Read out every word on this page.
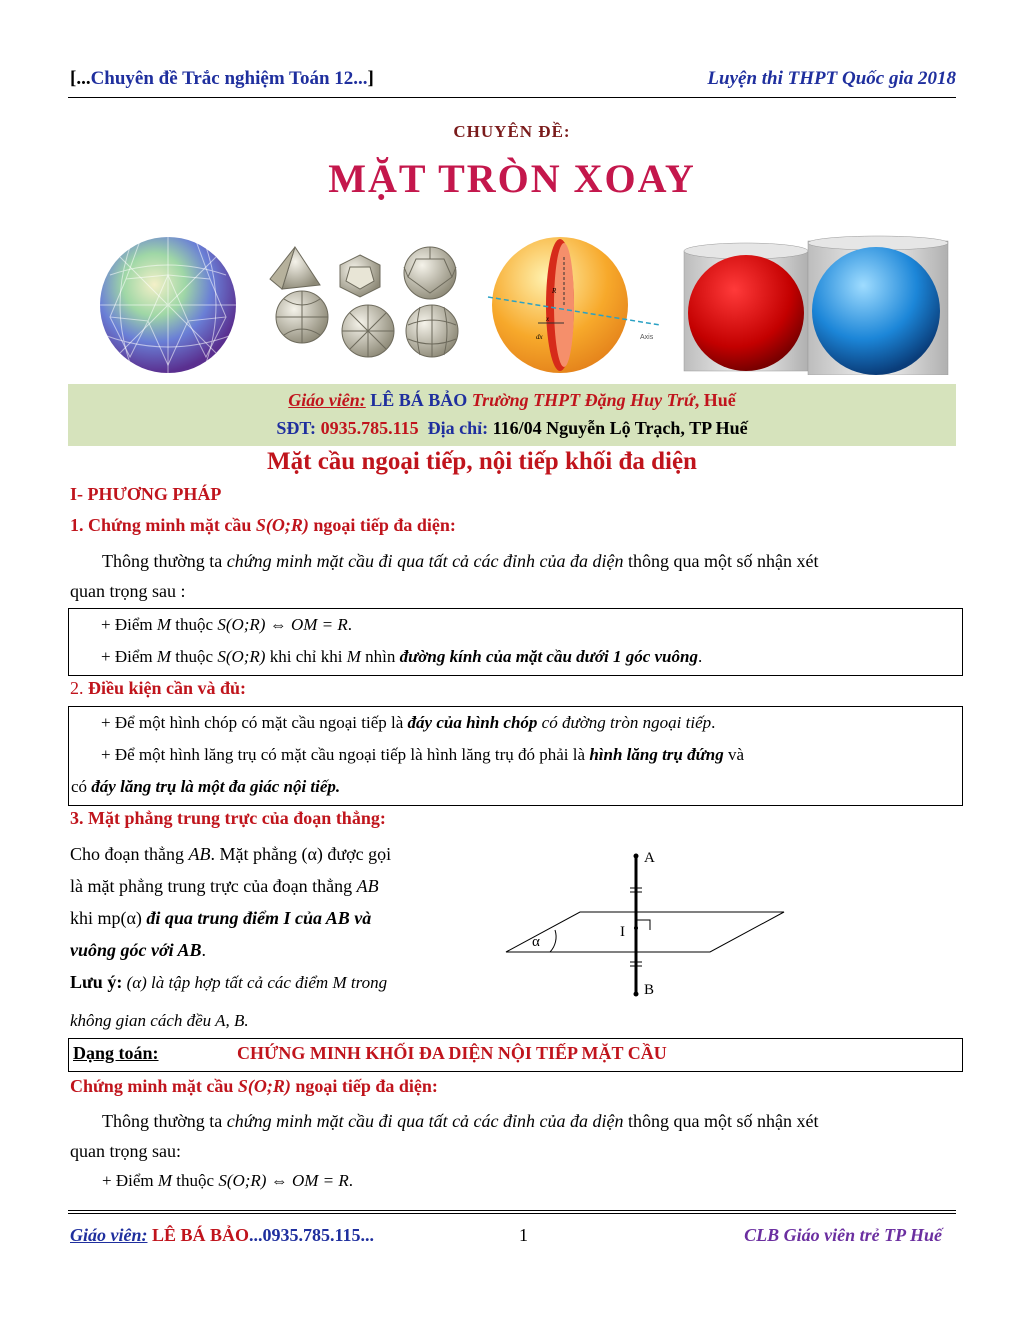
[...Chuyên đề Trắc nghiệm Toán 12...]	Luyện thi THPT Quốc gia 2018
CHUYÊN ĐỀ:
MẶT TRÒN XOAY
R
x
dx	Axis
Giáo viên: LÊ BÁ BẢO Trường THPT Đặng Huy Trứ, Huế
SĐT: 0935.785.115 Địa chỉ: 116/04 Nguyễn Lộ Trạch, TP Huế
Mặt cầu ngoại tiếp, nội tiếp khối đa diện
I- PHƯƠNG PHÁP
1. Chứng minh mặt cầu S(O;R) ngoại tiếp đa diện:
Thông thường ta chứng minh mặt cầu đi qua tất cả các đỉnh của đa diện thông qua một số nhận xét
quan trọng sau :
+ Điểm M thuộc S(O;R) ⇔ OM = R.
+ Điểm M thuộc S(O;R) khi chỉ khi M nhìn đường kính của mặt cầu dưới 1 góc vuông.
2. Điều kiện cần và đủ:
+ Để một hình chóp có mặt cầu ngoại tiếp là đáy của hình chóp có đường tròn ngoại tiếp.
+ Để một hình lăng trụ có mặt cầu ngoại tiếp là hình lăng trụ đó phải là hình lăng trụ đứng và
có đáy lăng trụ là một đa giác nội tiếp.
3. Mặt phẳng trung trực của đoạn thẳng:
Cho đoạn thẳng AB. Mặt phẳng (α) được gọi
là mặt phẳng trung trực của đoạn thẳng AB
khi mp(α) đi qua trung điểm I của AB và
vuông góc với AB.
Lưu ý: (α) là tập hợp tất cả các điểm M trong
không gian cách đều A, B.
A
B
I
α
Dạng toán:	CHỨNG MINH KHỐI ĐA DIỆN NỘI TIẾP MẶT CẦU
Chứng minh mặt cầu S(O;R) ngoại tiếp đa diện:
Thông thường ta chứng minh mặt cầu đi qua tất cả các đỉnh của đa diện thông qua một số nhận xét
quan trọng sau:
+ Điểm M thuộc S(O;R) ⇔ OM = R.
Giáo viên: LÊ BÁ BẢO...0935.785.115...	1	CLB Giáo viên trẻ TP Huế
